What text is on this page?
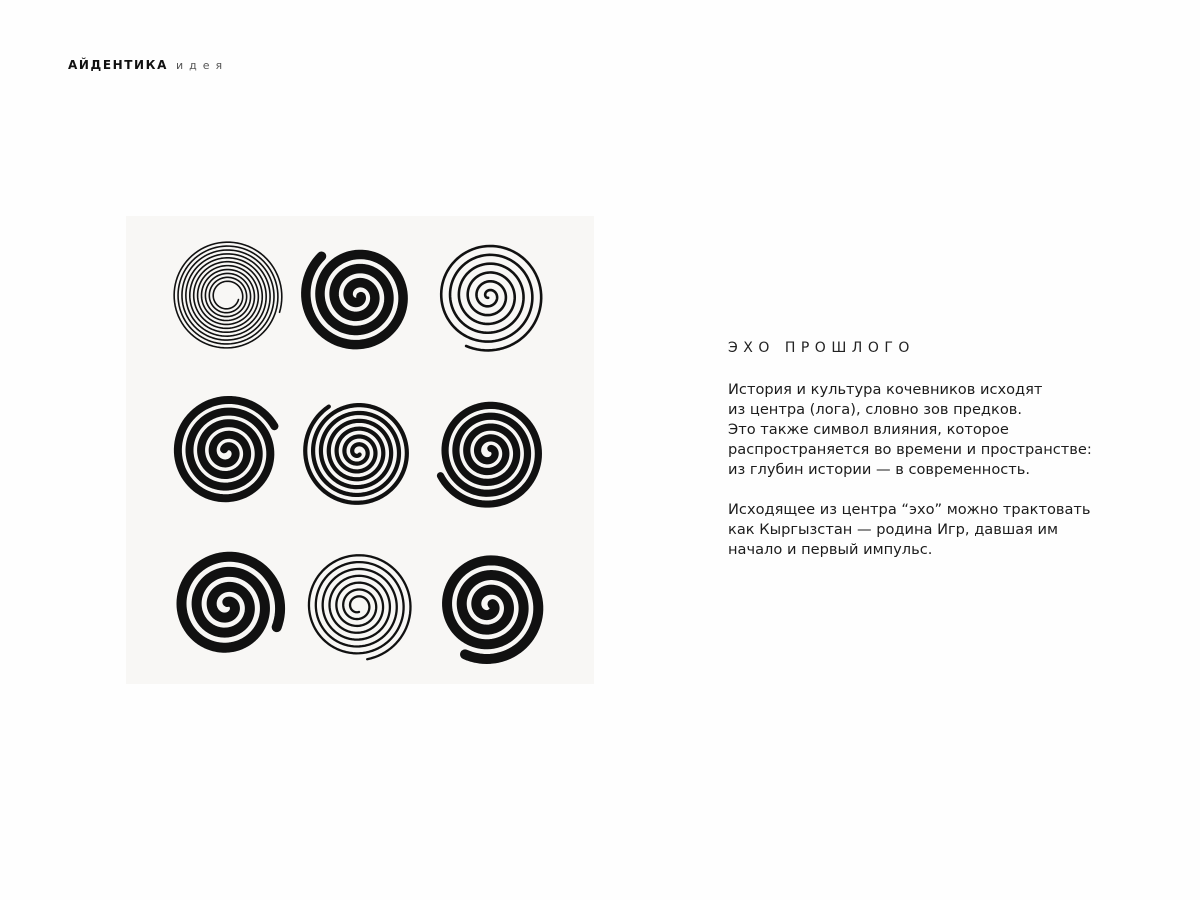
АЙДЕНТИКА идея
ЭХО ПРОШЛОГО

История и культура кочевников исходят
из центра (лога), словно зов предков.
Это также символ влияния, которое
распространяется во времени и пространстве:
из глубин истории — в современность.

Исходящее из центра “эхо” можно трактовать
как Кыргызстан — родина Игр, давшая им
начало и первый импульс.
